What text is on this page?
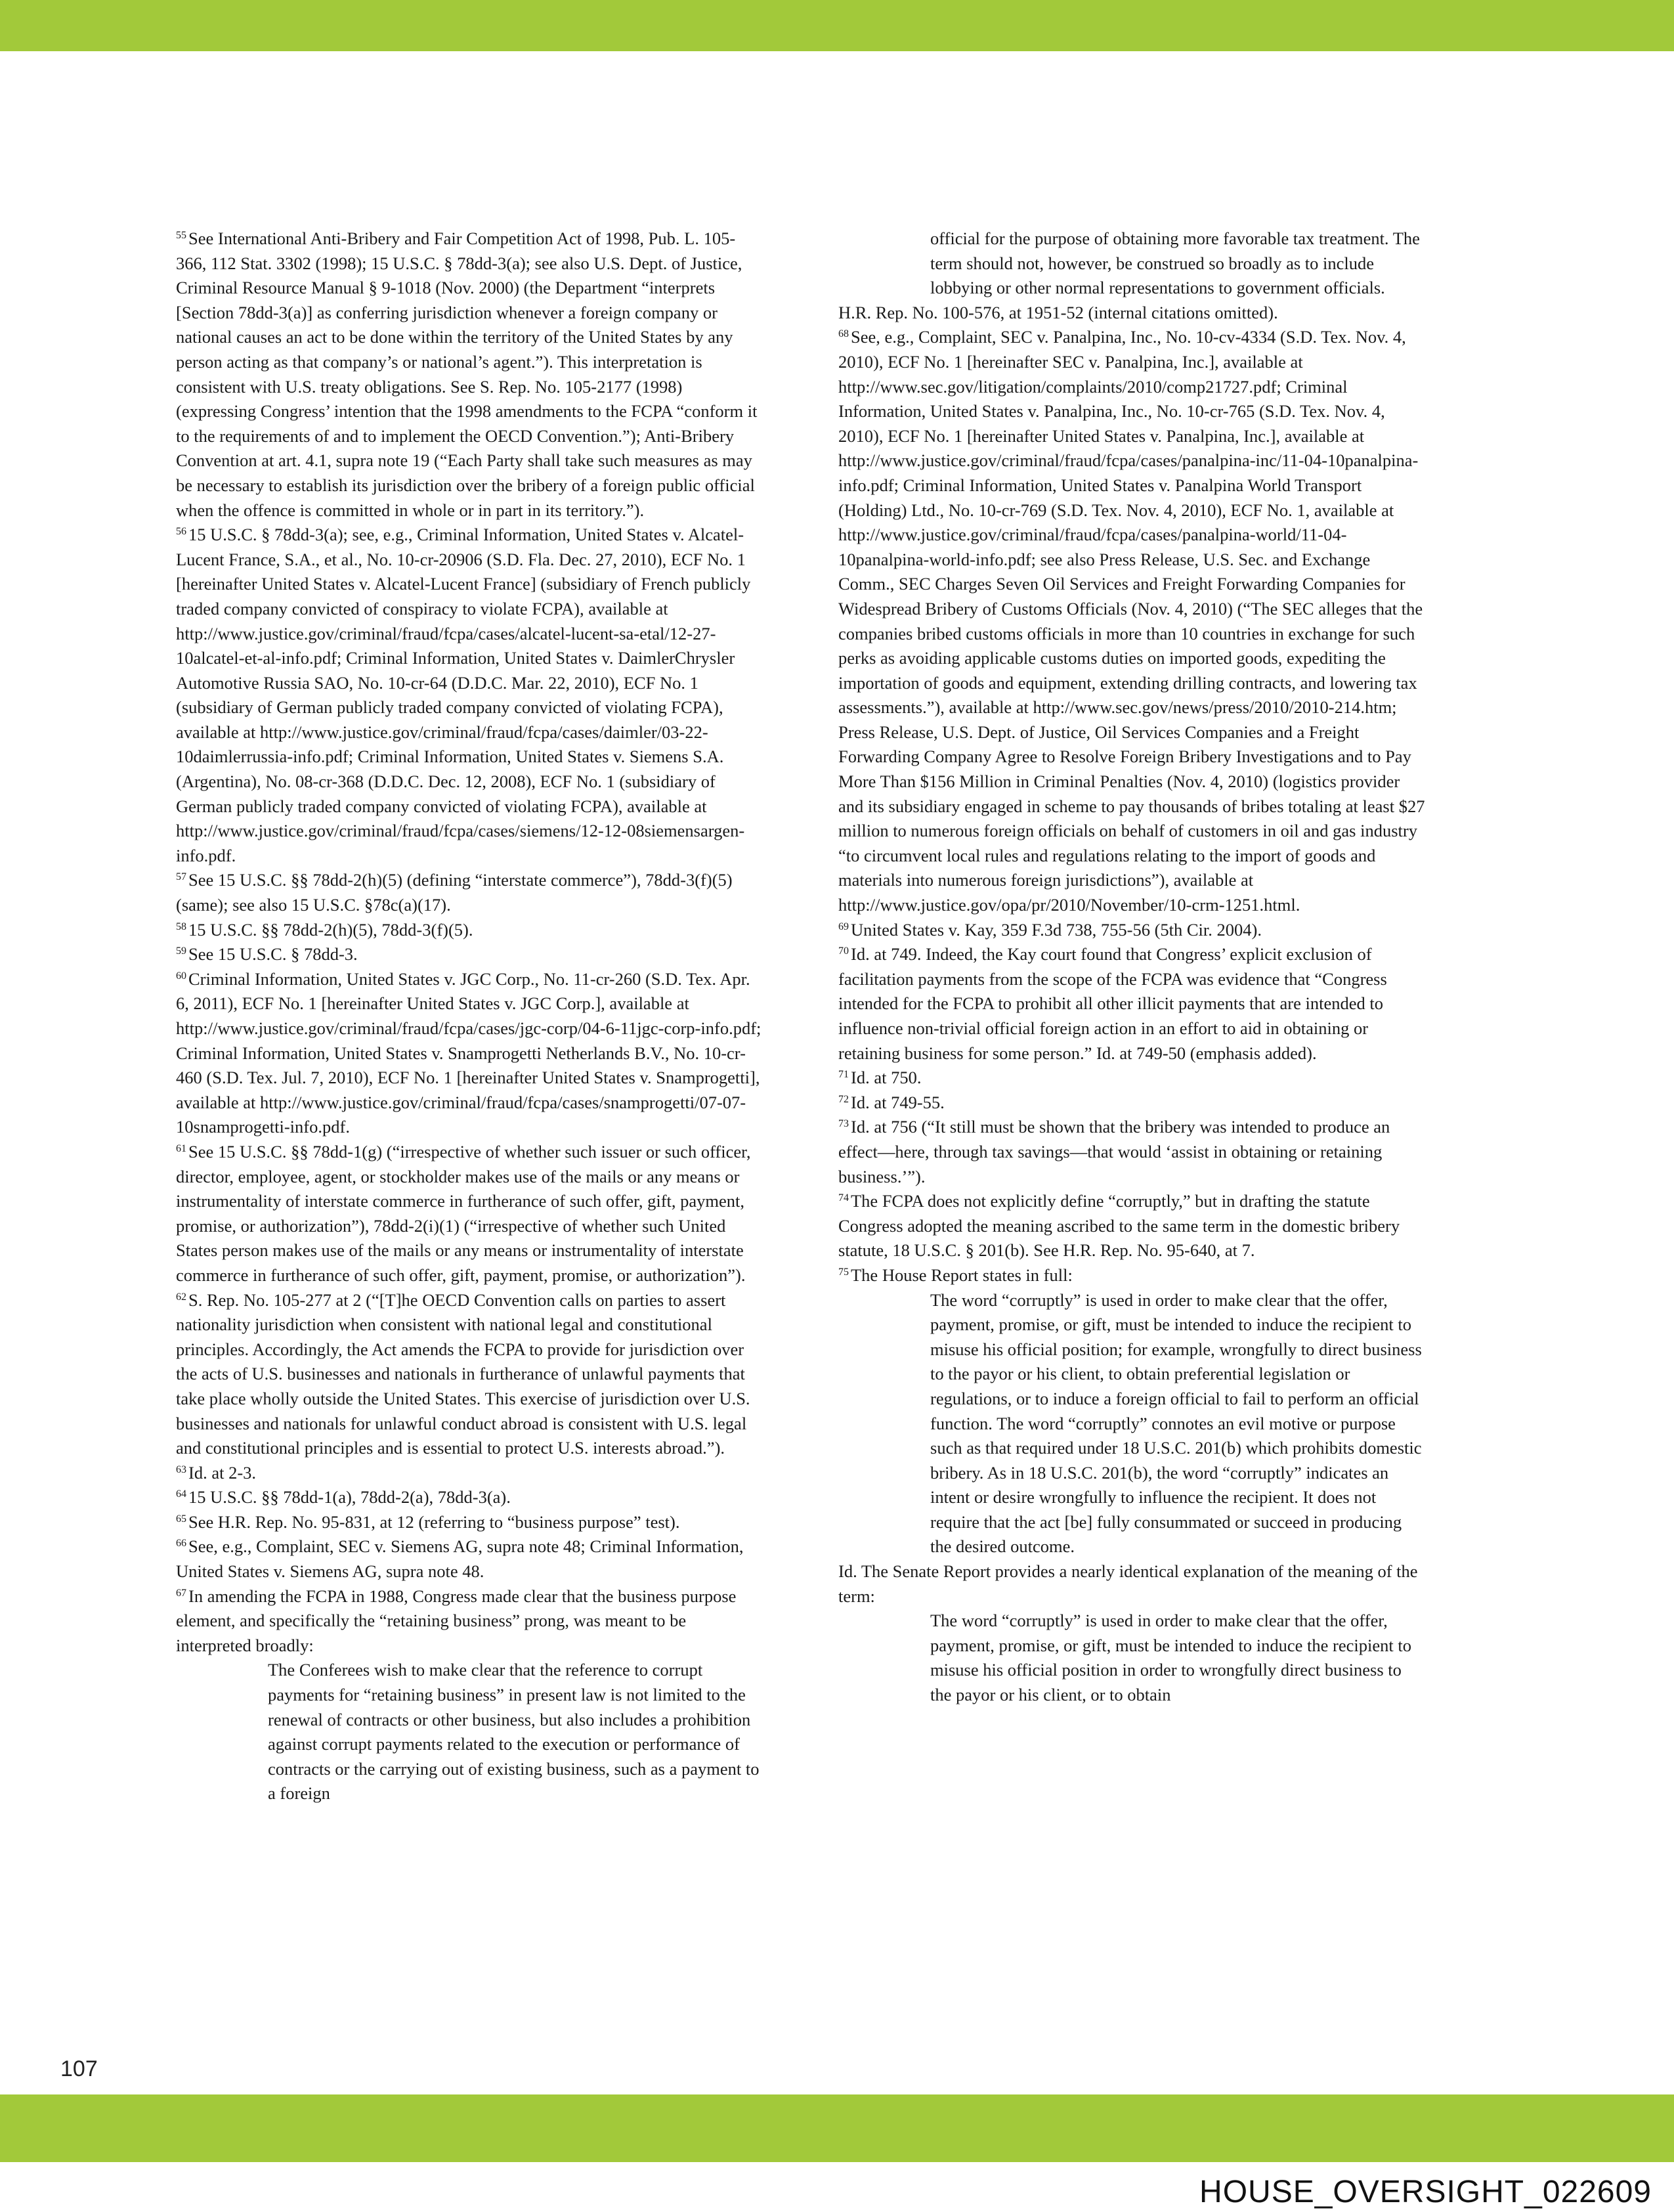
$^{55}$ See International Anti-Bribery and Fair Competition Act of 1998, Pub. L. 105-366, 112 Stat. 3302 (1998); 15 U.S.C. § 78dd-3(a); see also U.S. Dept. of Justice, Criminal Resource Manual § 9-1018 (Nov. 2000) (the Department “interprets [Section 78dd-3(a)] as conferring jurisdiction whenever a foreign company or national causes an act to be done within the territory of the United States by any person acting as that company’s or national’s agent.”). This interpretation is consistent with U.S. treaty obligations. See S. Rep. No. 105-2177 (1998) (expressing Congress’ intention that the 1998 amendments to the FCPA “conform it to the requirements of and to implement the OECD Convention.”); Anti-Bribery Convention at art. 4.1, supra note 19 (“Each Party shall take such measures as may be necessary to establish its jurisdiction over the bribery of a foreign public official when the offence is committed in whole or in part in its territory.”).

$^{56}$ 15 U.S.C. § 78dd-3(a); see, e.g., Criminal Information, United States v. Alcatel-Lucent France, S.A., et al., No. 10-cr-20906 (S.D. Fla. Dec. 27, 2010), ECF No. 1 [hereinafter United States v. Alcatel-Lucent France] (subsidiary of French publicly traded company convicted of conspiracy to violate FCPA), available at http://www.justice.gov/criminal/fraud/fcpa/cases/alcatel-lucent-sa-etal/12-27-10alcatel-et-al-info.pdf; Criminal Information, United States v. DaimlerChrysler Automotive Russia SAO, No. 10-cr-64 (D.D.C. Mar. 22, 2010), ECF No. 1 (subsidiary of German publicly traded company convicted of violating FCPA), available at http://www.justice.gov/criminal/fraud/fcpa/cases/daimler/03-22-10daimlerrussia-info.pdf; Criminal Information, United States v. Siemens S.A. (Argentina), No. 08-cr-368 (D.D.C. Dec. 12, 2008), ECF No. 1 (subsidiary of German publicly traded company convicted of violating FCPA), available at http://www.justice.gov/criminal/fraud/fcpa/cases/siemens/12-12-08siemensargen-info.pdf.

$^{57}$ See 15 U.S.C. §§ 78dd-2(h)(5) (defining “interstate commerce”), 78dd-3(f)(5) (same); see also 15 U.S.C. §78c(a)(17).

$^{58}$ 15 U.S.C. §§ 78dd-2(h)(5), 78dd-3(f)(5).

$^{59}$ See 15 U.S.C. § 78dd-3.

$^{60}$ Criminal Information, United States v. JGC Corp., No. 11-cr-260 (S.D. Tex. Apr. 6, 2011), ECF No. 1 [hereinafter United States v. JGC Corp.], available at http://www.justice.gov/criminal/fraud/fcpa/cases/jgc-corp/04-6-11jgc-corp-info.pdf; Criminal Information, United States v. Snamprogetti Netherlands B.V., No. 10-cr-460 (S.D. Tex. Jul. 7, 2010), ECF No. 1 [hereinafter United States v. Snamprogetti], available at http://www.justice.gov/criminal/fraud/fcpa/cases/snamprogetti/07-07-10snamprogetti-info.pdf.

$^{61}$ See 15 U.S.C. §§ 78dd-1(g) (“irrespective of whether such issuer or such officer, director, employee, agent, or stockholder makes use of the mails or any means or instrumentality of interstate commerce in furtherance of such offer, gift, payment, promise, or authorization”), 78dd-2(i)(1) (“irrespective of whether such United States person makes use of the mails or any means or instrumentality of interstate commerce in furtherance of such offer, gift, payment, promise, or authorization”).

$^{62}$ S. Rep. No. 105-277 at 2 (“[T]he OECD Convention calls on parties to assert nationality jurisdiction when consistent with national legal and constitutional principles. Accordingly, the Act amends the FCPA to provide for jurisdiction over the acts of U.S. businesses and nationals in furtherance of unlawful payments that take place wholly outside the United States. This exercise of jurisdiction over U.S. businesses and nationals for unlawful conduct abroad is consistent with U.S. legal and constitutional principles and is essential to protect U.S. interests abroad.”).

$^{63}$ Id. at 2-3.

$^{64}$ 15 U.S.C. §§ 78dd-1(a), 78dd-2(a), 78dd-3(a).

$^{65}$ See H.R. Rep. No. 95-831, at 12 (referring to “business purpose” test).

$^{66}$ See, e.g., Complaint, SEC v. Siemens AG, supra note 48; Criminal Information, United States v. Siemens AG, supra note 48.

$^{67}$ In amending the FCPA in 1988, Congress made clear that the business purpose element, and specifically the “retaining business” prong, was meant to be interpreted broadly:

The Conferees wish to make clear that the reference to corrupt payments for “retaining business” in present law is not limited to the renewal of contracts or other business, but also includes a prohibition against corrupt payments related to the execution or performance of contracts or the carrying out of existing business, such as a payment to a foreign

official for the purpose of obtaining more favorable tax treatment. The term should not, however, be construed so broadly as to include lobbying or other normal representations to government officials.

H.R. Rep. No. 100-576, at 1951-52 (internal citations omitted).

$^{68}$ See, e.g., Complaint, SEC v. Panalpina, Inc., No. 10-cv-4334 (S.D. Tex. Nov. 4, 2010), ECF No. 1 [hereinafter SEC v. Panalpina, Inc.], available at http://www.sec.gov/litigation/complaints/2010/comp21727.pdf; Criminal Information, United States v. Panalpina, Inc., No. 10-cr-765 (S.D. Tex. Nov. 4, 2010), ECF No. 1 [hereinafter United States v. Panalpina, Inc.], available at http://www.justice.gov/criminal/fraud/fcpa/cases/panalpina-inc/11-04-10panalpina-info.pdf; Criminal Information, United States v. Panalpina World Transport (Holding) Ltd., No. 10-cr-769 (S.D. Tex. Nov. 4, 2010), ECF No. 1, available at http://www.justice.gov/criminal/fraud/fcpa/cases/panalpina-world/11-04-10panalpina-world-info.pdf; see also Press Release, U.S. Sec. and Exchange Comm., SEC Charges Seven Oil Services and Freight Forwarding Companies for Widespread Bribery of Customs Officials (Nov. 4, 2010) (“The SEC alleges that the companies bribed customs officials in more than 10 countries in exchange for such perks as avoiding applicable customs duties on imported goods, expediting the importation of goods and equipment, extending drilling contracts, and lowering tax assessments.”), available at http://www.sec.gov/news/press/2010/2010-214.htm; Press Release, U.S. Dept. of Justice, Oil Services Companies and a Freight Forwarding Company Agree to Resolve Foreign Bribery Investigations and to Pay More Than $156 Million in Criminal Penalties (Nov. 4, 2010) (logistics provider and its subsidiary engaged in scheme to pay thousands of bribes totaling at least $27 million to numerous foreign officials on behalf of customers in oil and gas industry “to circumvent local rules and regulations relating to the import of goods and materials into numerous foreign jurisdictions”), available at http://www.justice.gov/opa/pr/2010/November/10-crm-1251.html.

$^{69}$ United States v. Kay, 359 F.3d 738, 755-56 (5th Cir. 2004).

$^{70}$ Id. at 749. Indeed, the Kay court found that Congress’ explicit exclusion of facilitation payments from the scope of the FCPA was evidence that “Congress intended for the FCPA to prohibit all other illicit payments that are intended to influence non-trivial official foreign action in an effort to aid in obtaining or retaining business for some person.” Id. at 749-50 (emphasis added).

$^{71}$ Id. at 750.

$^{72}$ Id. at 749-55.

$^{73}$ Id. at 756 (“It still must be shown that the bribery was intended to produce an effect—here, through tax savings—that would ‘assist in obtaining or retaining business.’”).

$^{74}$ The FCPA does not explicitly define “corruptly,” but in drafting the statute Congress adopted the meaning ascribed to the same term in the domestic bribery statute, 18 U.S.C. § 201(b). See H.R. Rep. No. 95-640, at 7.

$^{75}$ The House Report states in full:

The word “corruptly” is used in order to make clear that the offer, payment, promise, or gift, must be intended to induce the recipient to misuse his official position; for example, wrongfully to direct business to the payor or his client, to obtain preferential legislation or regulations, or to induce a foreign official to fail to perform an official function. The word “corruptly” connotes an evil motive or purpose such as that required under 18 U.S.C. 201(b) which prohibits domestic bribery. As in 18 U.S.C. 201(b), the word “corruptly” indicates an intent or desire wrongfully to influence the recipient. It does not require that the act [be] fully consummated or succeed in producing the desired outcome.

Id. The Senate Report provides a nearly identical explanation of the meaning of the term:

The word “corruptly” is used in order to make clear that the offer, payment, promise, or gift, must be intended to induce the recipient to misuse his official position in order to wrongfully direct business to the payor or his client, or to obtain

107
HOUSE_OVERSIGHT_022609
